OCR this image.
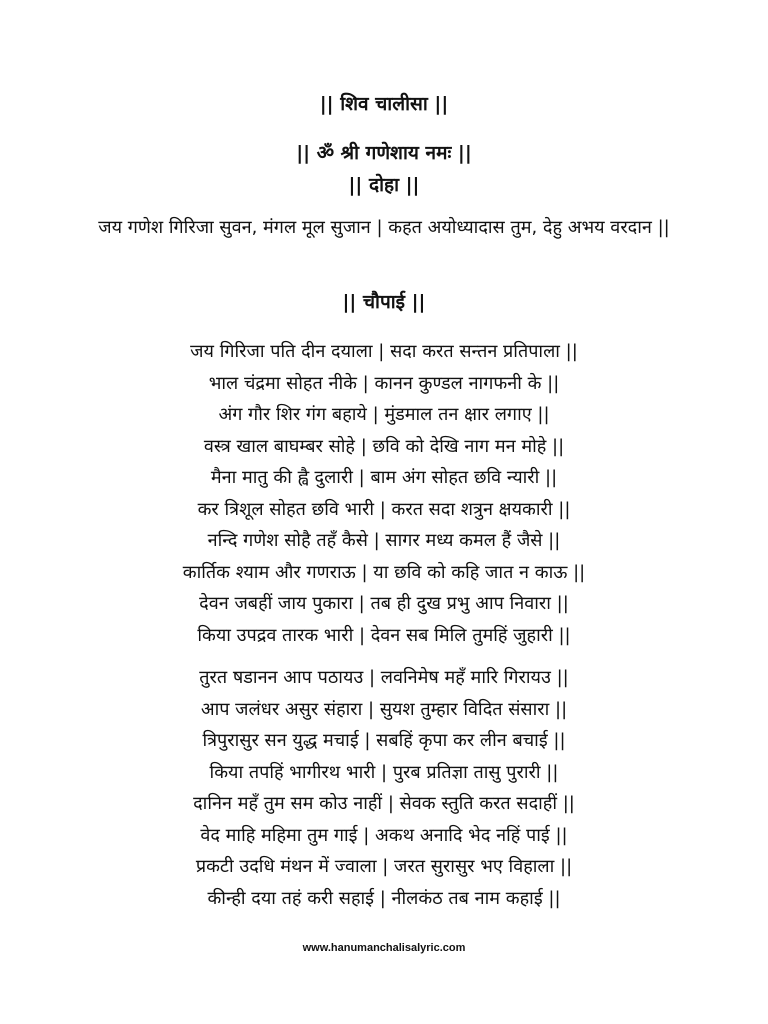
|| शिव चालीसा ||
|| ॐ श्री गणेशाय नमः ||
|| दोहा ||
जय गणेश गिरिजा सुवन, मंगल मूल सुजान | कहत अयोध्यादास तुम, देहु अभय वरदान ||
|| चौपाई ||
जय गिरिजा पति दीन दयाला | सदा करत सन्तन प्रतिपाला ||
भाल चंद्रमा सोहत नीके | कानन कुण्डल नागफनी के ||
अंग गौर शिर गंग बहाये | मुंडमाल तन क्षार लगाए ||
वस्त्र खाल बाघम्बर सोहे | छवि को देखि नाग मन मोहे ||
मैना मातु की ह्वै दुलारी | बाम अंग सोहत छवि न्यारी ||
कर त्रिशूल सोहत छवि भारी | करत सदा शत्रुन क्षयकारी ||
नन्दि गणेश सोहै तहँ कैसे | सागर मध्य कमल हैं जैसे ||
कार्तिक श्याम और गणराऊ | या छवि को कहि जात न काऊ ||
देवन जबहीं जाय पुकारा | तब ही दुख प्रभु आप निवारा ||
किया उपद्रव तारक भारी | देवन सब मिलि तुमहिं जुहारी ||
तुरत षडानन आप पठायउ | लवनिमेष महँ मारि गिरायउ ||
आप जलंधर असुर संहारा | सुयश तुम्हार विदित संसारा ||
त्रिपुरासुर सन युद्ध मचाई | सबहिं कृपा कर लीन बचाई ||
किया तपहिं भागीरथ भारी | पुरब प्रतिज्ञा तासु पुरारी ||
दानिन महँ तुम सम कोउ नाहीं | सेवक स्तुति करत सदाहीं ||
वेद माहि महिमा तुम गाई | अकथ अनादि भेद नहिं पाई ||
प्रकटी उदधि मंथन में ज्वाला | जरत सुरासुर भए विहाला ||
कीन्ही दया तहं करी सहाई | नीलकंठ तब नाम कहाई ||
www.hanumanchalisalyric.com
